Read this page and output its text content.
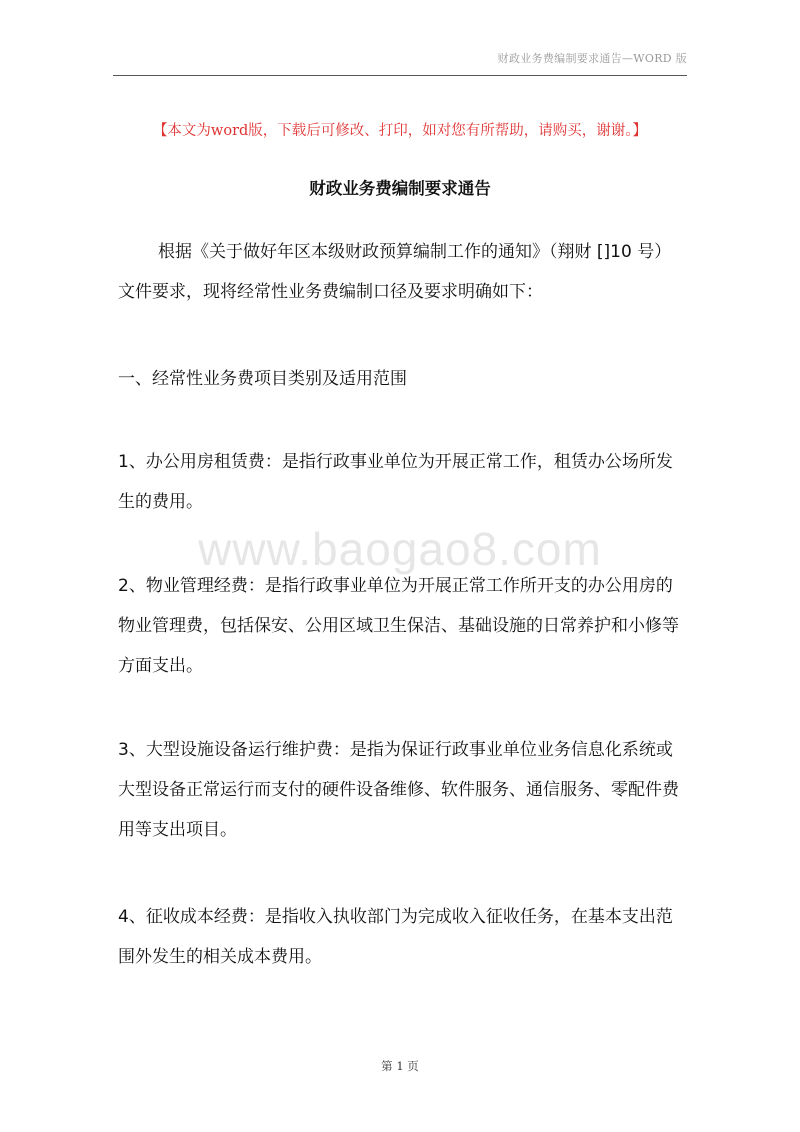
财政业务费编制要求通告—WORD 版
【本文为word版，下载后可修改、打印，如对您有所帮助，请购买，谢谢。】
财政业务费编制要求通告

根据《关于做好年区本级财政预算编制工作的通知》（翔财 []10 号）文件要求，现将经常性业务费编制口径及要求明确如下：

一、经常性业务费项目类别及适用范围

1、办公用房租赁费：是指行政事业单位为开展正常工作，租赁办公场所发生的费用。

2、物业管理经费：是指行政事业单位为开展正常工作所开支的办公用房的物业管理费，包括保安、公用区域卫生保洁、基础设施的日常养护和小修等方面支出。

3、大型设施设备运行维护费：是指为保证行政事业单位业务信息化系统或大型设备正常运行而支付的硬件设备维修、软件服务、通信服务、零配件费用等支出项目。

4、征收成本经费：是指收入执收部门为完成收入征收任务，在基本支出范围外发生的相关成本费用。

www.baogao8.com
第 1 页
